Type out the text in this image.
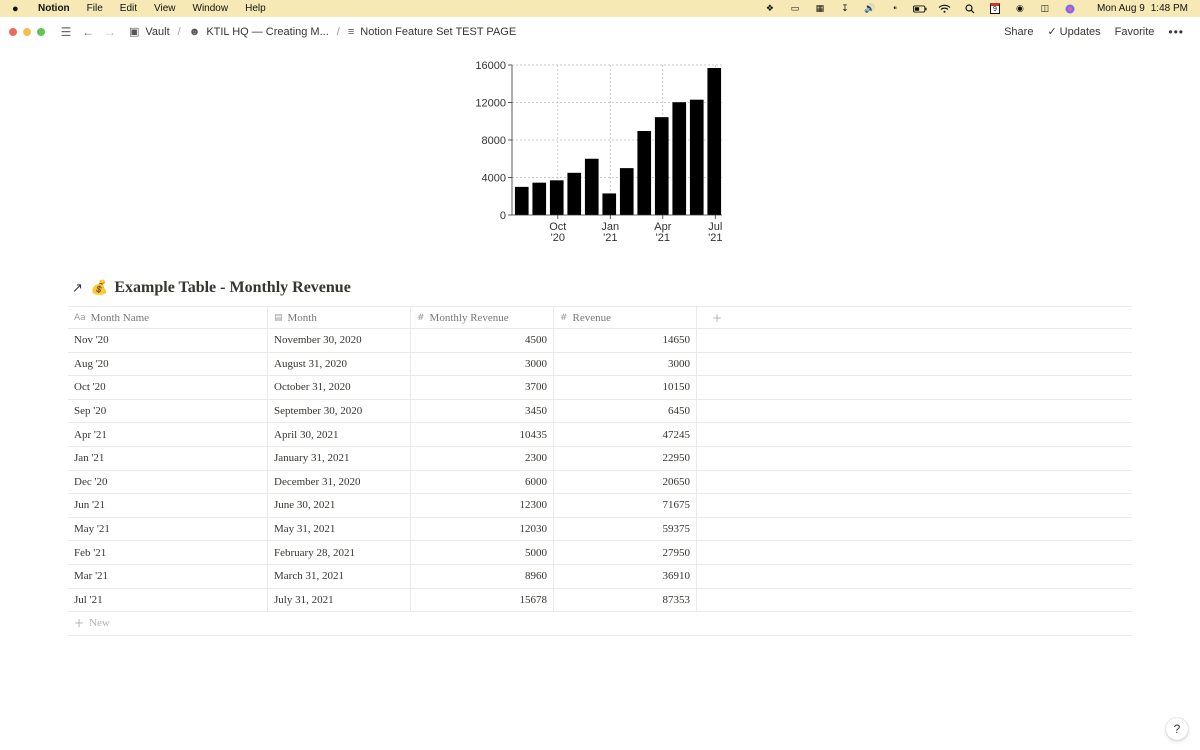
●	Notion File Edit View Window Help	❖	▭	▦	↧	🔊	⁌	9	◉	◫	Mon Aug 9 1:48 PM
☰ ← → ▣ Vault / ☻ KTIL HQ — Creating M... / ≡ Notion Feature Set TEST PAGE	Share ✓ Updates Favorite •••
0
4000
8000
12000
16000
Oct
'20
Jan
'21
Apr
'21
Jul
'21
↗ 💰 Example Table - Monthly Revenue
Aa Month Name	▤ Month	# Monthly Revenue	# Revenue	+
Nov '20	November 30, 2020	4500	14650
Aug '20	August 31, 2020	3000	3000
Oct '20	October 31, 2020	3700	10150
Sep '20	September 30, 2020	3450	6450
Apr '21	April 30, 2021	10435	47245
Jan '21	January 31, 2021	2300	22950
Dec '20	December 31, 2020	6000	20650
Jun '21	June 30, 2021	12300	71675
May '21	May 31, 2021	12030	59375
Feb '21	February 28, 2021	5000	27950
Mar '21	March 31, 2021	8960	36910
Jul '21	July 31, 2021	15678	87353
+ New
?
